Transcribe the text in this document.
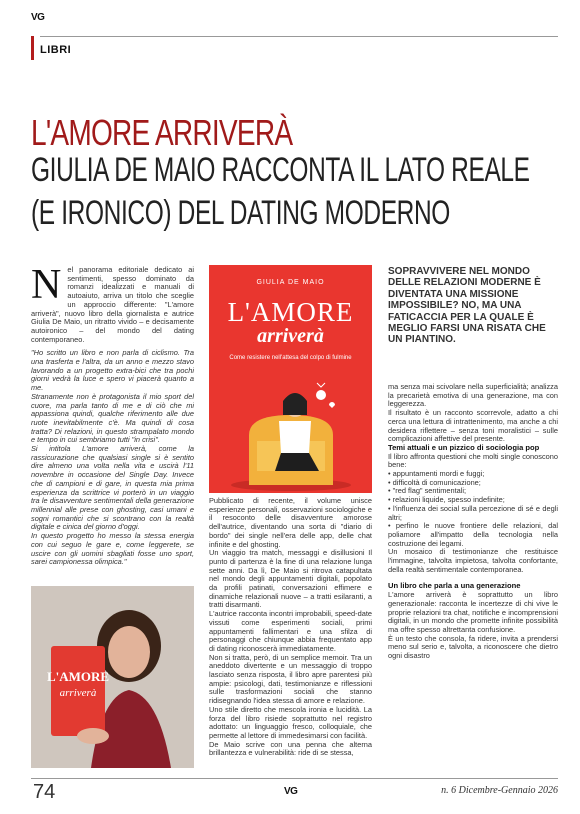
VG
LIBRI
L'AMORE ARRIVERÀ
GIULIA DE MAIO RACCONTA IL LATO REALE
(E IRONICO) DEL DATING MODERNO

Nel panorama editoriale dedicato ai sentimenti, spesso dominato da romanzi idealizzati e manuali di autoaiuto, arriva un titolo che sceglie un approccio differente: "L'amore arriverà", nuovo libro della giornalista e autrice Giulia De Maio, un ritratto vivido – e decisamente autoironico – del mondo del dating contemporaneo.

"Ho scritto un libro e non parla di ciclismo. Tra una trasferta e l'altra, da un anno e mezzo stavo lavorando a un progetto extra-bici che tra pochi giorni vedrà la luce e spero vi piacerà quanto a me.

Stranamente non è protagonista il mio sport del cuore, ma parla tanto di me e di ciò che mi appassiona quindi, qualche riferimento alle due ruote inevitabilmente c'è. Ma quindi di cosa tratta? Di relazioni, in questo strampalato mondo e tempo in cui sembriamo tutti "in crisi".

Si intitola L'amore arriverà, come la rassicurazione che qualsiasi single si è sentito dire almeno una volta nella vita e uscirà l'11 novembre in occasione del Single Day. Invece che di campioni e di gare, in questa mia prima esperienza da scrittrice vi porterò in un viaggio tra le disavventure sentimentali della generazione millennial alle prese con ghosting, casi umani e sogni romantici che si scontrano con la realtà digitale e cinica del giorno d'oggi.

In questo progetto ho messo la stessa energia con cui seguo le gare e, come leggerete, se uscire con gli uomini sbagliati fosse uno sport, sarei campionessa olimpica."

L'AMORE
arriverà
GIULIA DE MAIO
L'AMORE
arriverà
Come resistere nell'attesa del colpo di fulmine

Pubblicato di recente, il volume unisce esperienze personali, osservazioni sociologiche e il resoconto delle disavventure amorose dell'autrice, diventando una sorta di "diario di bordo" dei single nell'era delle app, delle chat infinite e del ghosting.

Un viaggio tra match, messaggi e disillusioni Il punto di partenza è la fine di una relazione lunga sette anni. Da lì, De Maio si ritrova catapultata nel mondo degli appuntamenti digitali, popolato da profili patinati, conversazioni effimere e dinamiche relazionali nuove – a tratti esilaranti, a tratti disarmanti.

L'autrice racconta incontri improbabili, speed-date vissuti come esperimenti sociali, primi appuntamenti fallimentari e una sfilza di personaggi che chiunque abbia frequentato app di dating riconoscerà immediatamente.

Non si tratta, però, di un semplice memoir. Tra un aneddoto divertente e un messaggio di troppo lasciato senza risposta, il libro apre parentesi più ampie: psicologi, dati, testimonianze e riflessioni sulle trasformazioni sociali che stanno ridisegnando l'idea stessa di amore e relazione.

Uno stile diretto che mescola ironia e lucidità. La forza del libro risiede soprattutto nel registro adottato: un linguaggio fresco, colloquiale, che permette al lettore di immedesimarsi con facilità.

De Maio scrive con una penna che alterna brillantezza e vulnerabilità: ride di se stessa,

SOPRAVVIVERE NEL MONDO DELLE RELAZIONI MODERNE È DIVENTATA UNA MISSIONE IMPOSSIBILE? NO, MA UNA FATICACCIA PER LA QUALE È MEGLIO FARSI UNA RISATA CHE UN PIANTINO.

ma senza mai scivolare nella superficialità; analizza la precarietà emotiva di una generazione, ma con leggerezza.

Il risultato è un racconto scorrevole, adatto a chi cerca una lettura di intrattenimento, ma anche a chi desidera riflettere – senza toni moralistici – sulle complicazioni affettive del presente.

Temi attuali e un pizzico di sociologia pop

Il libro affronta questioni che molti single conoscono bene:

• appuntamenti mordi e fuggi;

• difficoltà di comunicazione;

• "red flag" sentimentali;

• relazioni liquide, spesso indefinite;

• l'influenza dei social sulla percezione di sé e degli altri;

• perfino le nuove frontiere delle relazioni, dal poliamore all'impatto della tecnologia nella costruzione dei legami.

Un mosaico di testimonianze che restituisce l'immagine, talvolta impietosa, talvolta confortante, della realtà sentimentale contemporanea.

Un libro che parla a una generazione

L'amore arriverà è soprattutto un libro generazionale: racconta le incertezze di chi vive le proprie relazioni tra chat, notifiche e incomprensioni digitali, in un mondo che promette infinite possibilità ma offre spesso altrettanta confusione.

È un testo che consola, fa ridere, invita a prendersi meno sul serio e, talvolta, a riconoscere che dietro ogni disastro

74	VG	n. 6 Dicembre-Gennaio 2026
